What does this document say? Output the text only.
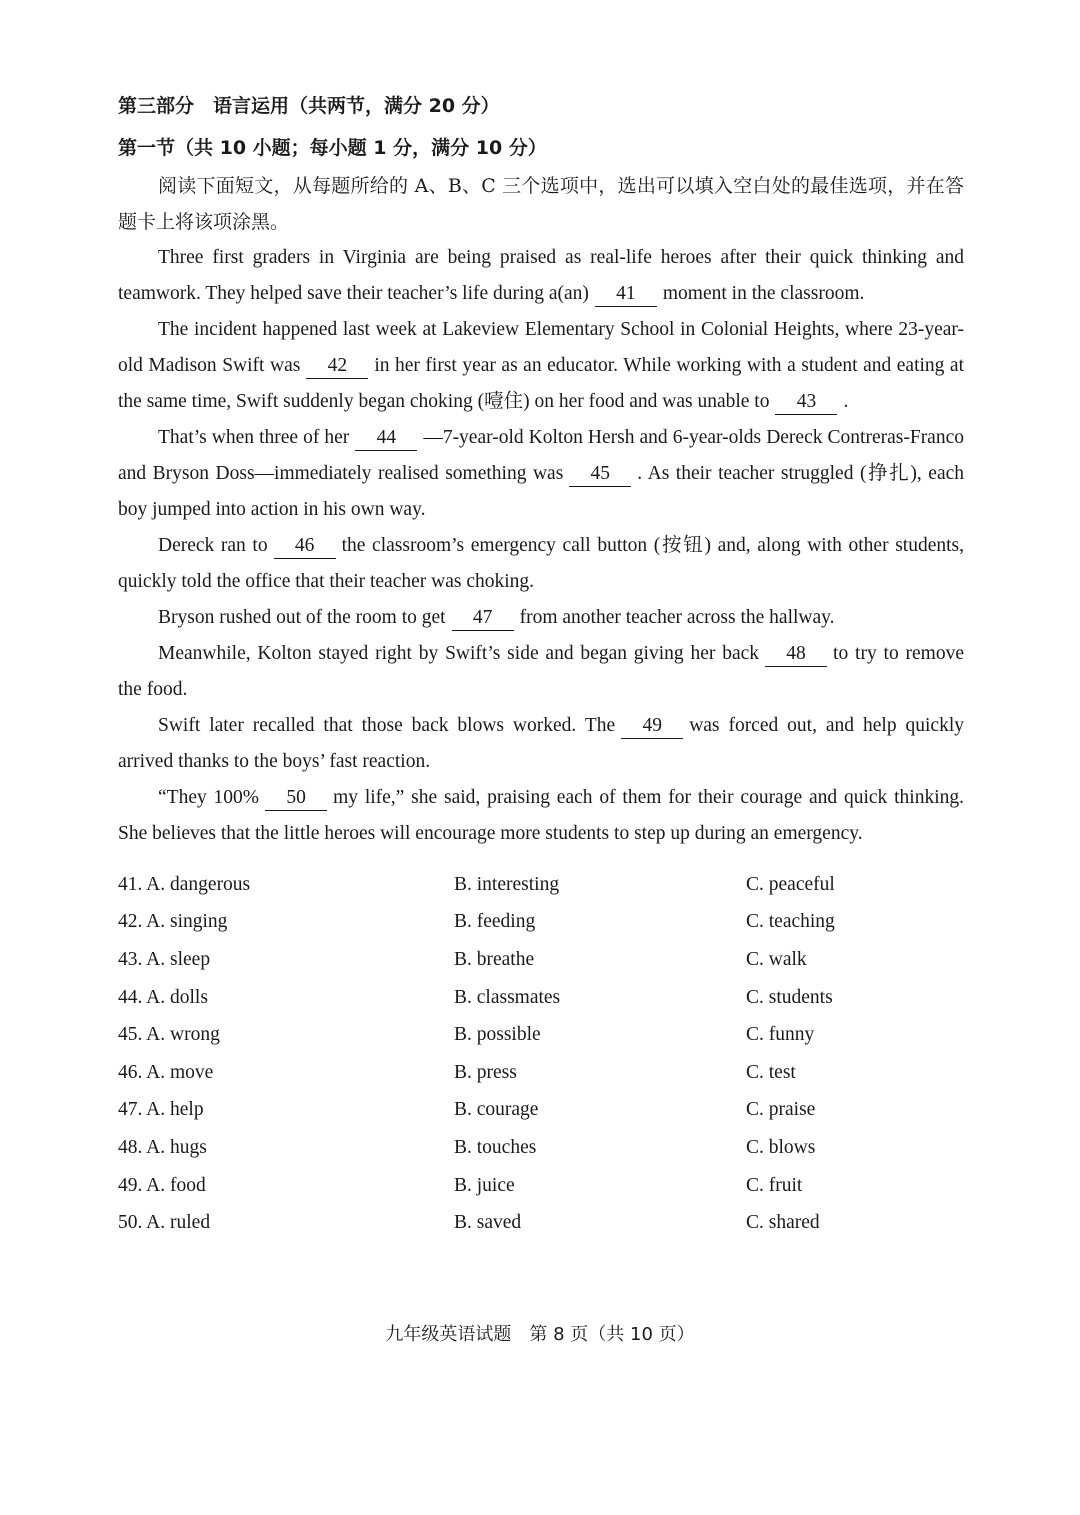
第三部分　语言运用（共两节，满分 20 分）
第一节（共 10 小题；每小题 1 分，满分 10 分）
阅读下面短文，从每题所给的 A、B、C 三个选项中，选出可以填入空白处的最佳选项，并在答题卡上将该项涂黑。

Three first graders in Virginia are being praised as real-life heroes after their quick thinking and teamwork. They helped save their teacher’s life during a(an) 41 moment in the classroom.

The incident happened last week at Lakeview Elementary School in Colonial Heights, where 23-year-old Madison Swift was 42 in her first year as an educator. While working with a student and eating at the same time, Swift suddenly began choking (噎住) on her food and was unable to 43 .

That’s when three of her 44 —7-year-old Kolton Hersh and 6-year-olds Dereck Contreras-Franco and Bryson Doss—immediately realised something was 45 . As their teacher struggled (挣扎), each boy jumped into action in his own way.

Dereck ran to 46 the classroom’s emergency call button (按钮) and, along with other students, quickly told the office that their teacher was choking.

Bryson rushed out of the room to get 47 from another teacher across the hallway.

Meanwhile, Kolton stayed right by Swift’s side and began giving her back 48 to try to remove the food.

Swift later recalled that those back blows worked. The 49 was forced out, and help quickly arrived thanks to the boys’ fast reaction.

“They 100% 50 my life,” she said, praising each of them for their courage and quick thinking. She believes that the little heroes will encourage more students to step up during an emergency.

41. A. dangerous	B. interesting	C. peaceful
42. A. singing	B. feeding	C. teaching
43. A. sleep	B. breathe	C. walk
44. A. dolls	B. classmates	C. students
45. A. wrong	B. possible	C. funny
46. A. move	B. press	C. test
47. A. help	B. courage	C. praise
48. A. hugs	B. touches	C. blows
49. A. food	B. juice	C. fruit
50. A. ruled	B. saved	C. shared
九年级英语试题　第 8 页（共 10 页）
